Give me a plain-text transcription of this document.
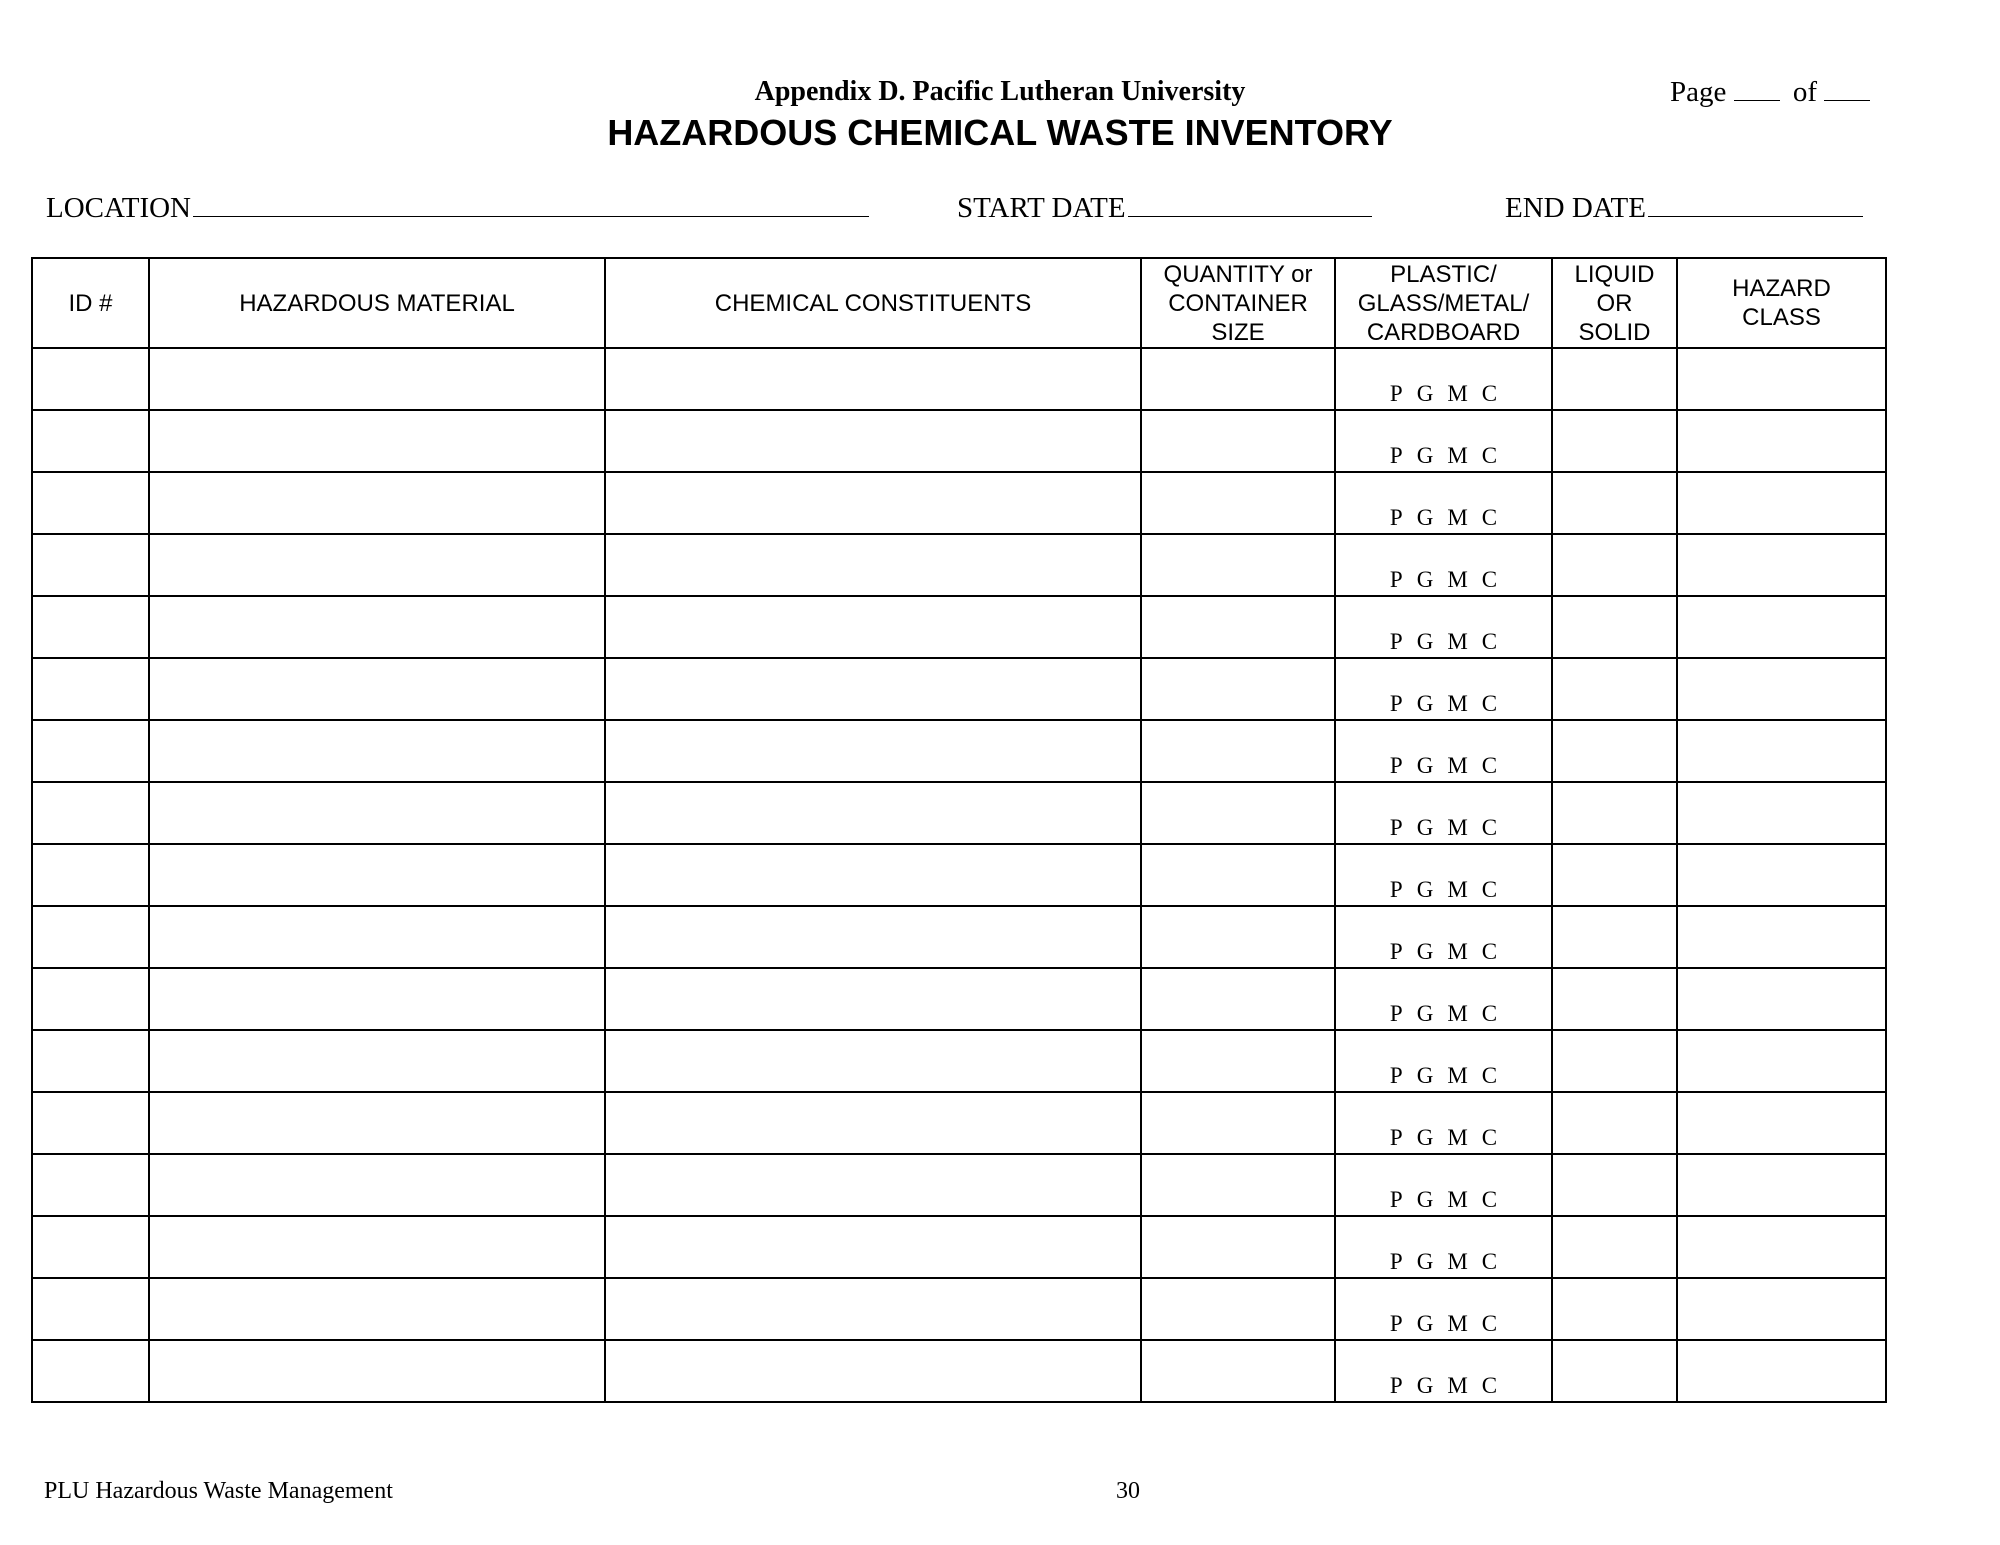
Appendix D. Pacific Lutheran University
HAZARDOUS CHEMICAL WASTE INVENTORY
Page of
LOCATION	START DATE	END DATE
ID #	HAZARDOUS MATERIAL	CHEMICAL CONSTITUENTS	QUANTITY or
CONTAINER
SIZE	PLASTIC/
GLASS/METAL/
CARDBOARD	LIQUID
OR
SOLID	HAZARD
CLASS
				P G M C		
				P G M C		
				P G M C		
				P G M C		
				P G M C		
				P G M C		
				P G M C		
				P G M C		
				P G M C		
				P G M C		
				P G M C		
				P G M C		
				P G M C		
				P G M C		
				P G M C		
				P G M C		
				P G M C		
PLU Hazardous Waste Management	30
